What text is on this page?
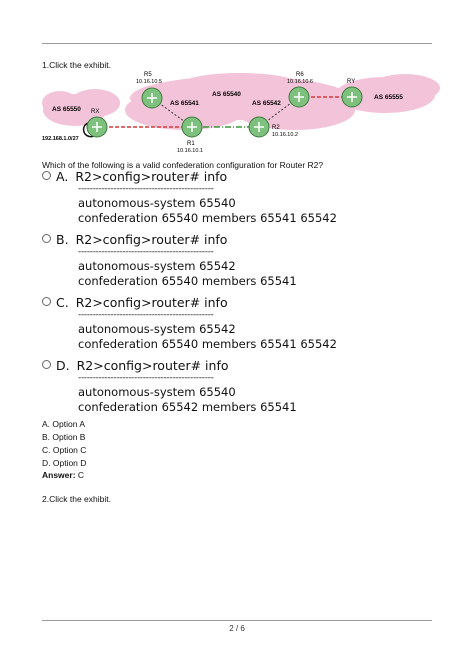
1.Click the exhibit.
AS 65550 RX
R5
10.16.10.5
AS 65541
AS 65540
AS 65542
R6
10.16.10.6	RY
AS 65555
R1
10.16.10.1
R2
10.16.10.2
192.168.1.0/27
Which of the following is a valid confederation configuration for Router R2?
A. R2>config>router# info
----------------------------------------------
autonomous-system 65540
confederation 65540 members 65541 65542
B. R2>config>router# info
----------------------------------------------
autonomous-system 65542
confederation 65540 members 65541
C. R2>config>router# info
----------------------------------------------
autonomous-system 65542
confederation 65540 members 65541 65542
D. R2>config>router# info
----------------------------------------------
autonomous-system 65540
confederation 65542 members 65541
A. Option A
B. Option B
C. Option C
D. Option D
Answer: C
2.Click the exhibit.
2 / 6
